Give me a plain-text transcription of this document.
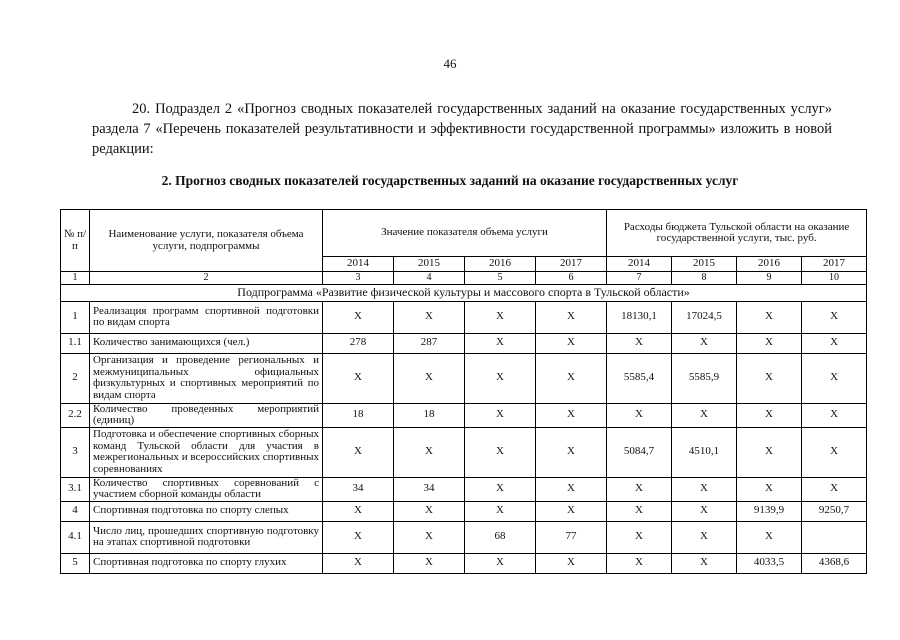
46
20. Подраздел 2 «Прогноз сводных показателей государственных заданий на оказание государственных услуг» раздела 7 «Перечень показателей результативности и эффективности государственной программы» изложить в новой редакции:
2. Прогноз сводных показателей государственных заданий на оказание государственных услуг
№ п/п	Наименование услуги, показателя объема услуги, подпрограммы	Значение показателя объема услуги				Расходы бюджета Тульской области на оказание государственной услуги, тыс. руб.			
		2014	2015	2016	2017	2014	2015	2016	2017
1	2	3	4	5	6	7	8	9	10
Подпрограмма «Развитие физической культуры и массового спорта в Тульской области»									
1	Реализация программ спортивной подготовки по видам спорта	X	X	X	X	18130,1	17024,5	X	X
1.1	Количество занимающихся (чел.)	278	287	X	X	X	X	X	X
2	Организация и проведение региональных и межмуниципальных официальных физкультурных и спортивных мероприятий по видам спорта	X	X	X	X	5585,4	5585,9	X	X
2.2	Количество проведенных мероприятий (единиц)	18	18	X	X	X	X	X	X
3	Подготовка и обеспечение спортивных сборных команд Тульской области для участия в межрегиональных и всероссийских спортивных соревнованиях	X	X	X	X	5084,7	4510,1	X	X
3.1	Количество спортивных соревнований с участием сборной команды области	34	34	X	X	X	X	X	X
4	Спортивная подготовка по спорту слепых	X	X	X	X	X	X	9139,9	9250,7
4.1	Число лиц, прошедших спортивную подготовку на этапах спортивной подготовки	X	X	68	77	X	X	X	
5	Спортивная подготовка по спорту глухих	X	X	X	X	X	X	4033,5	4368,6
